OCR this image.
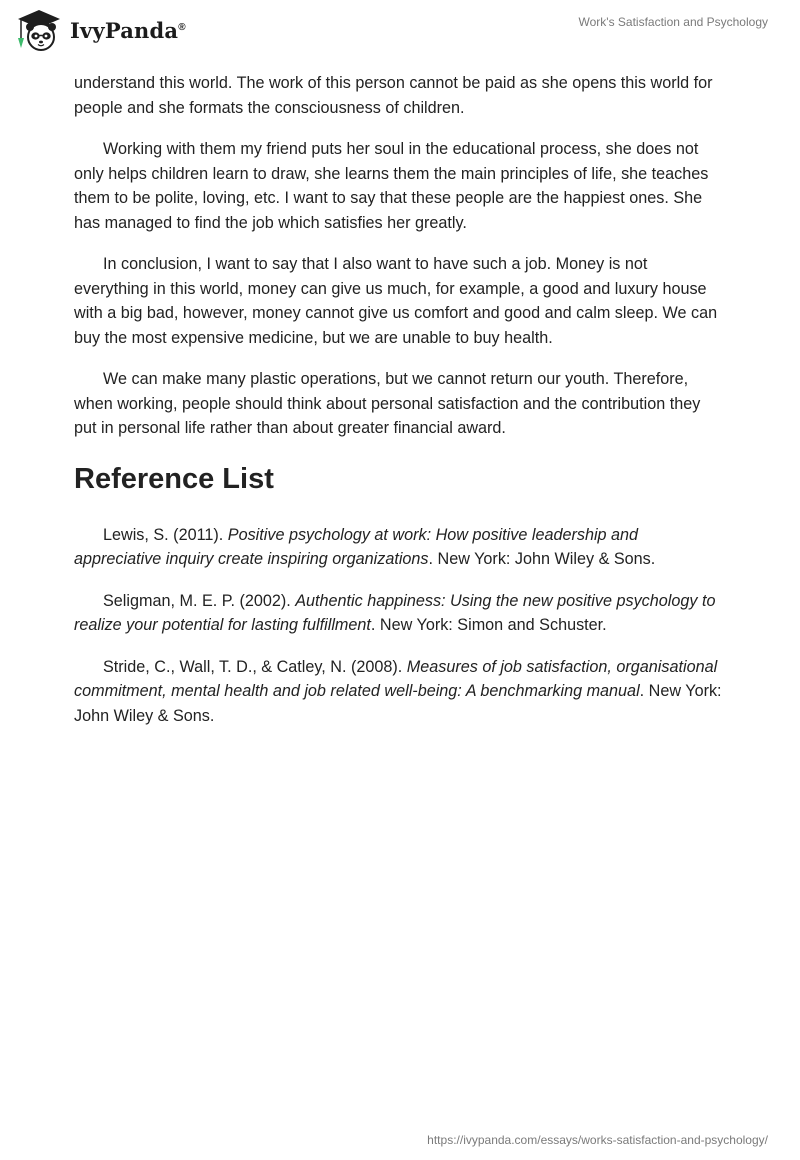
IvyPanda®	Work's Satisfaction and Psychology

understand this world. The work of this person cannot be paid as she opens this world for people and she formats the consciousness of children.

Working with them my friend puts her soul in the educational process, she does not only helps children learn to draw, she learns them the main principles of life, she teaches them to be polite, loving, etc. I want to say that these people are the happiest ones. She has managed to find the job which satisfies her greatly.

In conclusion, I want to say that I also want to have such a job. Money is not everything in this world, money can give us much, for example, a good and luxury house with a big bad, however, money cannot give us comfort and good and calm sleep. We can buy the most expensive medicine, but we are unable to buy health.

We can make many plastic operations, but we cannot return our youth. Therefore, when working, people should think about personal satisfaction and the contribution they put in personal life rather than about greater financial award.

Reference List

Lewis, S. (2011). Positive psychology at work: How positive leadership and appreciative inquiry create inspiring organizations. New York: John Wiley & Sons.

Seligman, M. E. P. (2002). Authentic happiness: Using the new positive psychology to realize your potential for lasting fulfillment. New York: Simon and Schuster.

Stride, C., Wall, T. D., & Catley, N. (2008). Measures of job satisfaction, organisational commitment, mental health and job related well-being: A benchmarking manual. New York: John Wiley & Sons.

https://ivypanda.com/essays/works-satisfaction-and-psychology/
